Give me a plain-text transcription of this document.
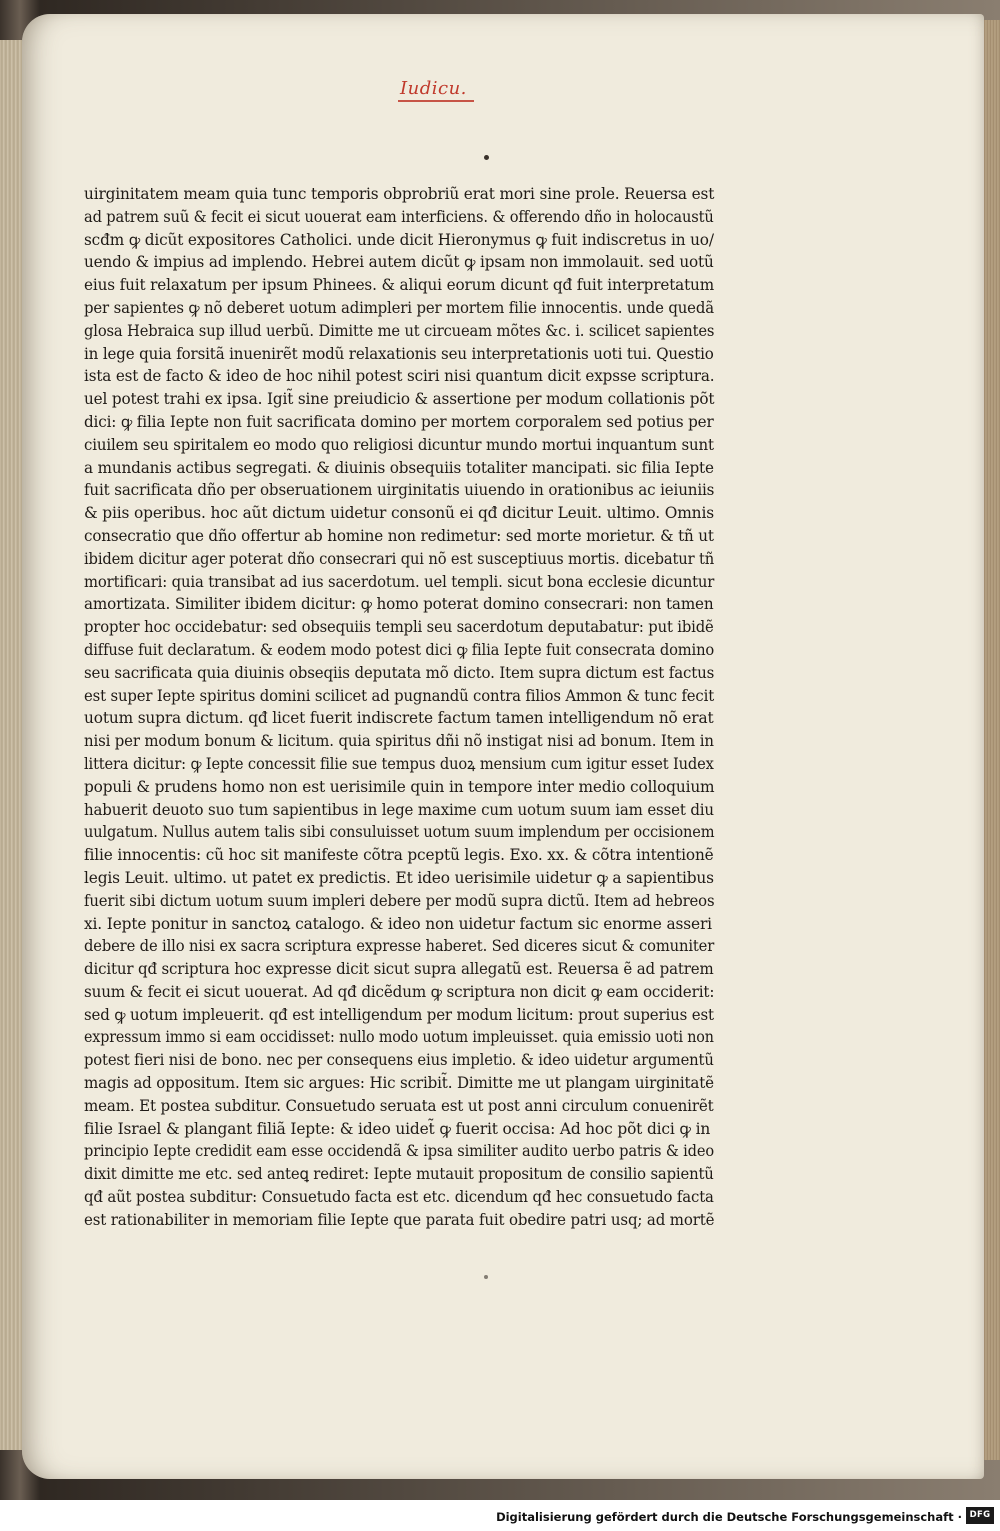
Iudicu.
uirginitatem meam quia tunc temporis obprobriũ erat mori sine prole. Reuersa est
ad patrem suũ & fecit ei sicut uouerat eam interficiens. & offerendo dño in holocaustũ
scđm ꝙ dicũt expositores Catholici. unde dicit Hieronymus ꝙ fuit indiscretus in uo/
uendo & impius ad implendo. Hebrei autem dicũt ꝙ ipsam non immolauit. sed uotũ
eius fuit relaxatum per ipsum Phinees. & aliqui eorum dicunt qđ fuit interpretatum
per sapientes ꝙ nõ deberet uotum adimpleri per mortem filie innocentis. unde quedã
glosa Hebraica sup illud uerbũ. Dimitte me ut circueam mõtes &c. i. scilicet sapientes
in lege quia forsitã inuenirẽt modũ relaxationis seu interpretationis uoti tui. Questio
ista est de facto & ideo de hoc nihil potest sciri nisi quantum dicit expsse scriptura.
uel potest trahi ex ipsa. Igit̃ sine preiudicio & assertione per modum collationis põt
dici: ꝙ filia Iepte non fuit sacrificata domino per mortem corporalem sed potius per
ciuilem seu spiritalem eo modo quo religiosi dicuntur mundo mortui inquantum sunt
a mundanis actibus segregati. & diuinis obsequiis totaliter mancipati. sic filia Iepte
fuit sacrificata dño per obseruationem uirginitatis uiuendo in orationibus ac ieiuniis
& piis operibus. hoc aũt dictum uidetur consonũ ei qđ dicitur Leuit. ultimo. Omnis
consecratio que dño offertur ab homine non redimetur: sed morte morietur. & tñ ut
ibidem dicitur ager poterat dño consecrari qui nõ est susceptiuus mortis. dicebatur tñ
mortificari: quia transibat ad ius sacerdotum. uel templi. sicut bona ecclesie dicuntur
amortizata. Similiter ibidem dicitur: ꝙ homo poterat domino consecrari: non tamen
propter hoc occidebatur: sed obsequiis templi seu sacerdotum deputabatur: put ibidẽ
diffuse fuit declaratum. & eodem modo potest dici ꝙ filia Iepte fuit consecrata domino
seu sacrificata quia diuinis obseqiis deputata mõ dicto. Item supra dictum est factus
est super Iepte spiritus domini scilicet ad pugnandũ contra filios Ammon & tunc fecit
uotum supra dictum. qđ licet fuerit indiscrete factum tamen intelligendum nõ erat
nisi per modum bonum & licitum. quia spiritus dñi nõ instigat nisi ad bonum. Item in
littera dicitur: ꝙ Iepte concessit filie sue tempus duoꝝ mensium cum igitur esset Iudex
populi & prudens homo non est uerisimile quin in tempore inter medio colloquium
habuerit deuoto suo tum sapientibus in lege maxime cum uotum suum iam esset diu
uulgatum. Nullus autem talis sibi consuluisset uotum suum implendum per occisionem
filie innocentis: cũ hoc sit manifeste cõtra pceptũ legis. Exo. xx. & cõtra intentionẽ
legis Leuit. ultimo. ut patet ex predictis. Et ideo uerisimile uidetur ꝙ a sapientibus
fuerit sibi dictum uotum suum impleri debere per modũ supra dictũ. Item ad hebreos
xi. Iepte ponitur in sanctoꝝ catalogo. & ideo non uidetur factum sic enorme asseri
debere de illo nisi ex sacra scriptura expresse haberet. Sed diceres sicut & comuniter
dicitur qđ scriptura hoc expresse dicit sicut supra allegatũ est. Reuersa ẽ ad patrem
suum & fecit ei sicut uouerat. Ad qđ dicẽdum ꝙ scriptura non dicit ꝙ eam occiderit:
sed ꝙ uotum impleuerit. qđ est intelligendum per modum licitum: prout superius est
expressum immo si eam occidisset: nullo modo uotum impleuisset. quia emissio uoti non
potest fieri nisi de bono. nec per consequens eius impletio. & ideo uidetur argumentũ
magis ad oppositum. Item sic argues: Hic scribit̃. Dimitte me ut plangam uirginitatẽ
meam. Et postea subditur. Consuetudo seruata est ut post anni circulum conuenirẽt
filie Israel & plangant filiã Iepte: & ideo uidet̃ ꝙ fuerit occisa: Ad hoc põt dici ꝙ in
principio Iepte credidit eam esse occidendã & ipsa similiter audito uerbo patris & ideo
dixit dimitte me etc. sed anteꝗ rediret: Iepte mutauit propositum de consilio sapientũ
qđ aũt postea subditur: Consuetudo facta est etc. dicendum qđ hec consuetudo facta
est rationabiliter in memoriam filie Iepte que parata fuit obedire patri usq; ad mortẽ
Digitalisierung gefördert durch die Deutsche Forschungsgemeinschaft · DFG
